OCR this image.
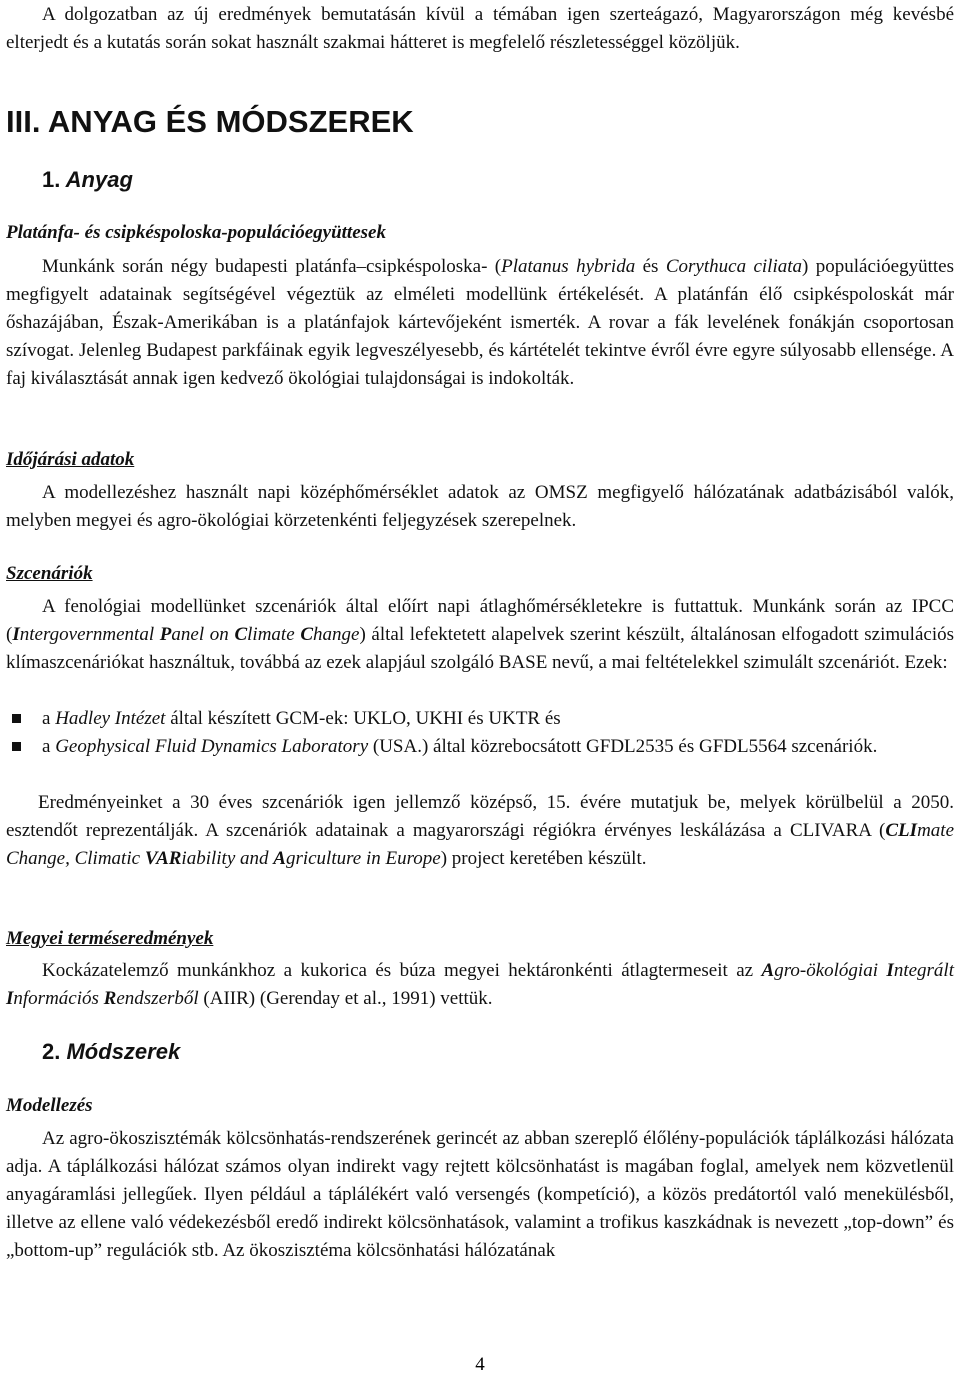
A dolgozatban az új eredmények bemutatásán kívül a témában igen szerteágazó, Magyarországon még kevésbé elterjedt és a kutatás során sokat használt szakmai hátteret is megfelelő részletességgel közöljük.

III. ANYAG ÉS MÓDSZEREK
1. Anyag

Platánfa- és csipkéspoloska-populációegyüttesek

Munkánk során négy budapesti platánfa–csipkéspoloska- (Platanus hybrida és Corythuca ciliata) populációegyüttes megfigyelt adatainak segítségével végeztük az elméleti modellünk értékelését. A platánfán élő csipkéspoloskát már őshazájában, Észak-Amerikában is a platánfajok kártevőjeként ismerték. A rovar a fák levelének fonákján csoportosan szívogat. Jelenleg Budapest parkfáinak egyik legveszélyesebb, és kártételét tekintve évről évre egyre súlyosabb ellensége. A faj kiválasztását annak igen kedvező ökológiai tulajdonságai is indokolták.

Időjárási adatok

A modellezéshez használt napi középhőmérséklet adatok az OMSZ megfigyelő hálózatának adatbázisából valók, melyben megyei és agro-ökológiai körzetenkénti feljegyzések szerepelnek.

Szcenáriók

A fenológiai modellünket szcenáriók által előírt napi átlaghőmérsékletekre is futtattuk. Munkánk során az IPCC (Intergovernmental Panel on Climate Change) által lefektetett alapelvek szerint készült, általánosan elfogadott szimulációs klímaszcenáriókat használtuk, továbbá az ezek alapjául szolgáló BASE nevű, a mai feltételekkel szimulált szcenáriót. Ezek:

a Hadley Intézet által készített GCM-ek: UKLO, UKHI és UKTR és

a Geophysical Fluid Dynamics Laboratory (USA.) által közrebocsátott GFDL2535 és GFDL5564 szcenáriók.

Eredményeinket a 30 éves szcenáriók igen jellemző középső, 15. évére mutatjuk be, melyek körülbelül a 2050. esztendőt reprezentálják. A szcenáriók adatainak a magyarországi régiókra érvényes leskálázása a CLIVARA (CLImate Change, Climatic VARiability and Agriculture in Europe) project keretében készült.

Megyei terméseredmények

Kockázatelemző munkánkhoz a kukorica és búza megyei hektáronkénti átlagtermeseit az Agro-ökológiai Integrált Információs Rendszerből (AIIR) (Gerenday et al., 1991) vettük.

2. Módszerek

Modellezés

Az agro-ökoszisztémák kölcsönhatás-rendszerének gerincét az abban szereplő élőlény-populációk táplálkozási hálózata adja. A táplálkozási hálózat számos olyan indirekt vagy rejtett kölcsönhatást is magában foglal, amelyek nem közvetlenül anyagáramlási jellegűek. Ilyen például a táplálékért való versengés (kompetíció), a közös predátortól való menekülésből, illetve az ellene való védekezésből eredő indirekt kölcsönhatások, valamint a trofikus kaszkádnak is nevezett „top-down” és „bottom-up” regulációk stb. Az ökoszisztéma kölcsönhatási hálózatának

4
